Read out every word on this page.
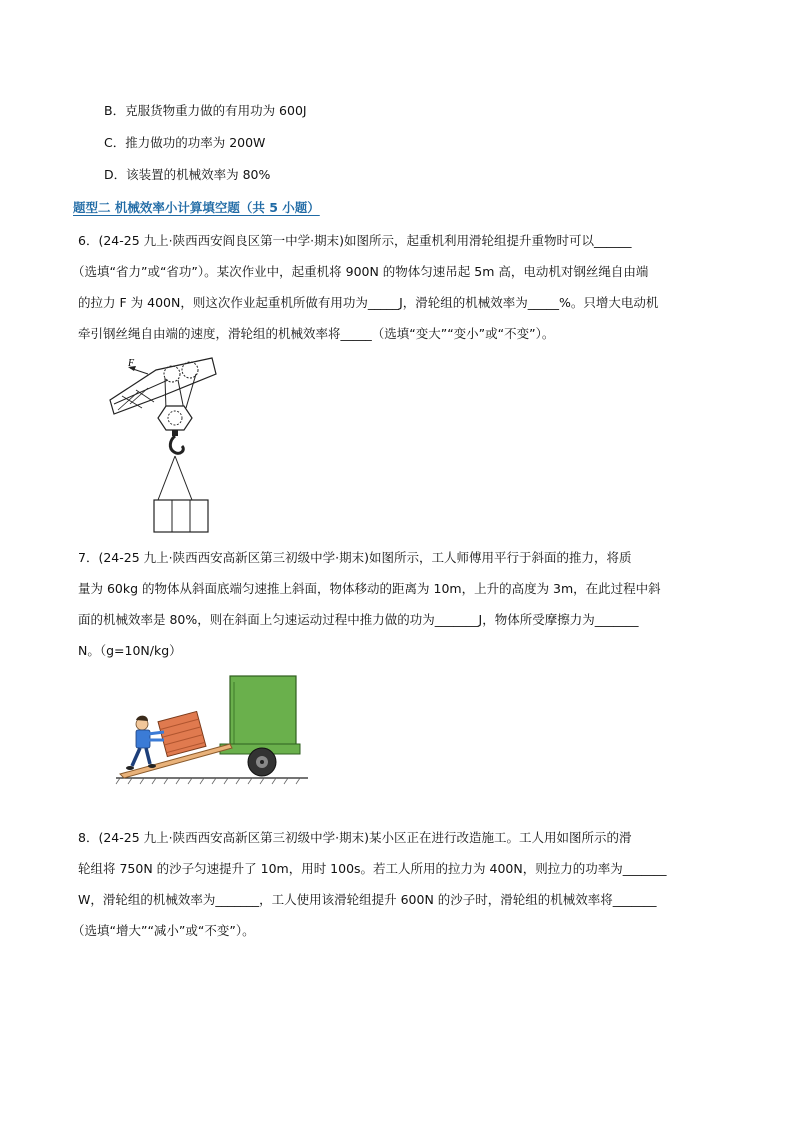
B．克服货物重力做的有用功为 600J
C．推力做功的功率为 200W
D．该装置的机械效率为 80%
题型二 机械效率小计算填空题（共 5 小题）
6．(24-25 九上·陕西西安阎良区第一中学·期末)如图所示，起重机利用滑轮组提升重物时可以______
（选填“省力”或“省功”）。某次作业中，起重机将 900N 的物体匀速吊起 5m 高，电动机对钢丝绳自由端
的拉力 F 为 400N，则这次作业起重机所做有用功为_____J，滑轮组的机械效率为_____%。只增大电动机
牵引钢丝绳自由端的速度，滑轮组的机械效率将_____（选填“变大”“变小”或“不变”）。
F
7．(24-25 九上·陕西西安高新区第三初级中学·期末)如图所示，工人师傅用平行于斜面的推力，将质
量为 60kg 的物体从斜面底端匀速推上斜面，物体移动的距离为 10m，上升的高度为 3m，在此过程中斜
面的机械效率是 80%，则在斜面上匀速运动过程中推力做的功为_______J，物体所受摩擦力为_______
N。（g=10N/kg）
8．(24-25 九上·陕西西安高新区第三初级中学·期末)某小区正在进行改造施工。工人用如图所示的滑
轮组将 750N 的沙子匀速提升了 10m，用时 100s。若工人所用的拉力为 400N，则拉力的功率为_______
W，滑轮组的机械效率为_______，工人使用该滑轮组提升 600N 的沙子时，滑轮组的机械效率将_______
（选填“增大”“减小”或“不变”）。
